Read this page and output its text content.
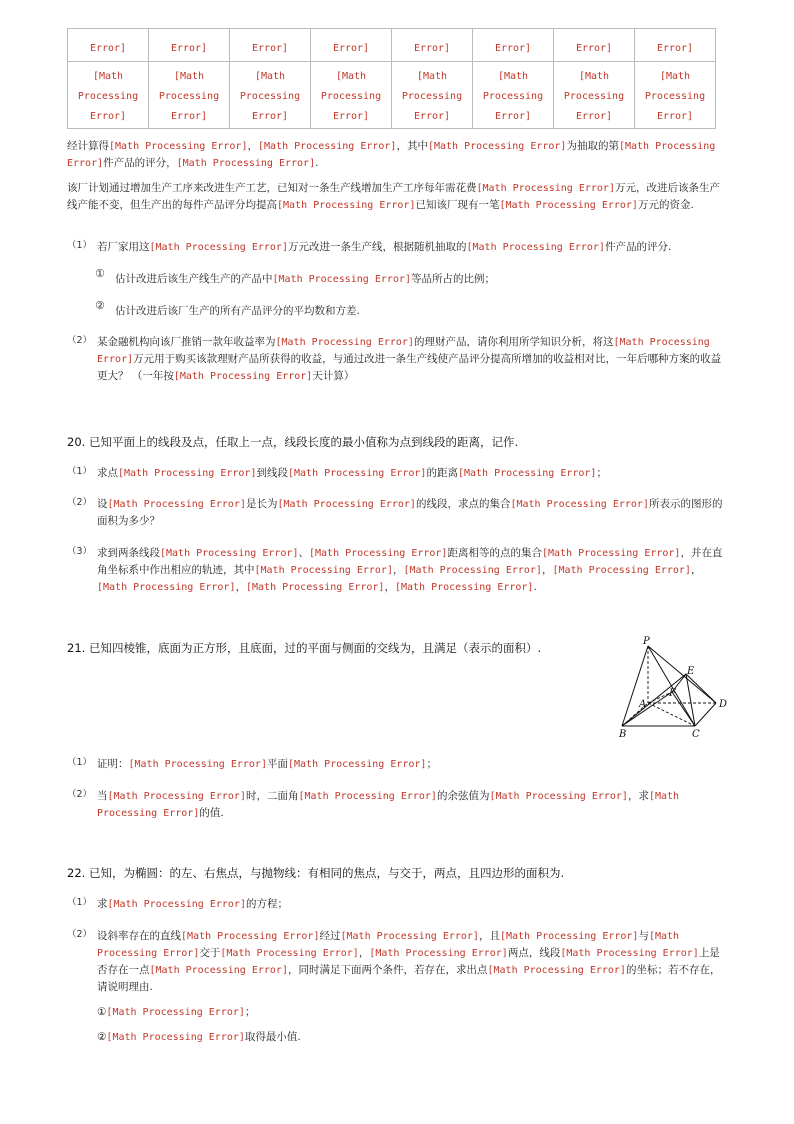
Error]	Error]	Error]	Error]	Error]	Error]	Error]	Error]
[Math
Processing
Error]	[Math
Processing
Error]	[Math
Processing
Error]	[Math
Processing
Error]	[Math
Processing
Error]	[Math
Processing
Error]	[Math
Processing
Error]	[Math
Processing
Error]
经计算得[Math Processing Error]，[Math Processing Error]，其中[Math Processing Error]为抽取的第[Math Processing Error]件产品的评分，[Math Processing Error].
该厂计划通过增加生产工序来改进生产工艺，已知对一条生产线增加生产工序每年需花费[Math Processing Error]万元，改进后该条生产线产能不变，但生产出的每件产品评分均提高[Math Processing Error]已知该厂现有一笔[Math Processing Error]万元的资金.
（1） 若厂家用这[Math Processing Error]万元改进一条生产线，根据随机抽取的[Math Processing Error]件产品的评分.
① 估计改进后该生产线生产的产品中[Math Processing Error]等品所占的比例；
② 估计改进后该厂生产的所有产品评分的平均数和方差.
（2） 某金融机构向该厂推销一款年收益率为[Math Processing Error]的理财产品，请你利用所学知识分析，将这[Math Processing Error]万元用于购买该款理财产品所获得的收益，与通过改进一条生产线使产品评分提高所增加的收益相对比，一年后哪种方案的收益更大？ （一年按[Math Processing Error]天计算）
20. 已知平面上的线段及点，任取上一点，线段长度的最小值称为点到线段的距离，记作.
（1） 求点[Math Processing Error]到线段[Math Processing Error]的距离[Math Processing Error]；
（2） 设[Math Processing Error]是长为[Math Processing Error]的线段，求点的集合[Math Processing Error]所表示的图形的面积为多少？
（3） 求到两条线段[Math Processing Error]、[Math Processing Error]距离相等的点的集合[Math Processing Error]，并在直角坐标系中作出相应的轨迹，其中[Math Processing Error]，[Math Processing Error]，[Math Processing Error]，[Math Processing Error]，[Math Processing Error]，[Math Processing Error].
21. 已知四棱锥，底面为正方形，且底面，过的平面与侧面的交线为，且满足（表示的面积）.	P
E
F
A	D
B	C
（1） 证明：[Math Processing Error]平面[Math Processing Error]；
（2） 当[Math Processing Error]时，二面角[Math Processing Error]的余弦值为[Math Processing Error]，求[Math Processing Error]的值.
22. 已知，为椭圆：的左、右焦点，与抛物线：有相同的焦点，与交于，两点，且四边形的面积为.
（1） 求[Math Processing Error]的方程；
（2） 设斜率存在的直线[Math Processing Error]经过[Math Processing Error]，且[Math Processing Error]与[Math Processing Error]交于[Math Processing Error]，[Math Processing Error]两点，线段[Math Processing Error]上是否存在一点[Math Processing Error]，同时满足下面两个条件，若存在，求出点[Math Processing Error]的坐标；若不存在，请说明理由.
①[Math Processing Error]；
②[Math Processing Error]取得最小值.
